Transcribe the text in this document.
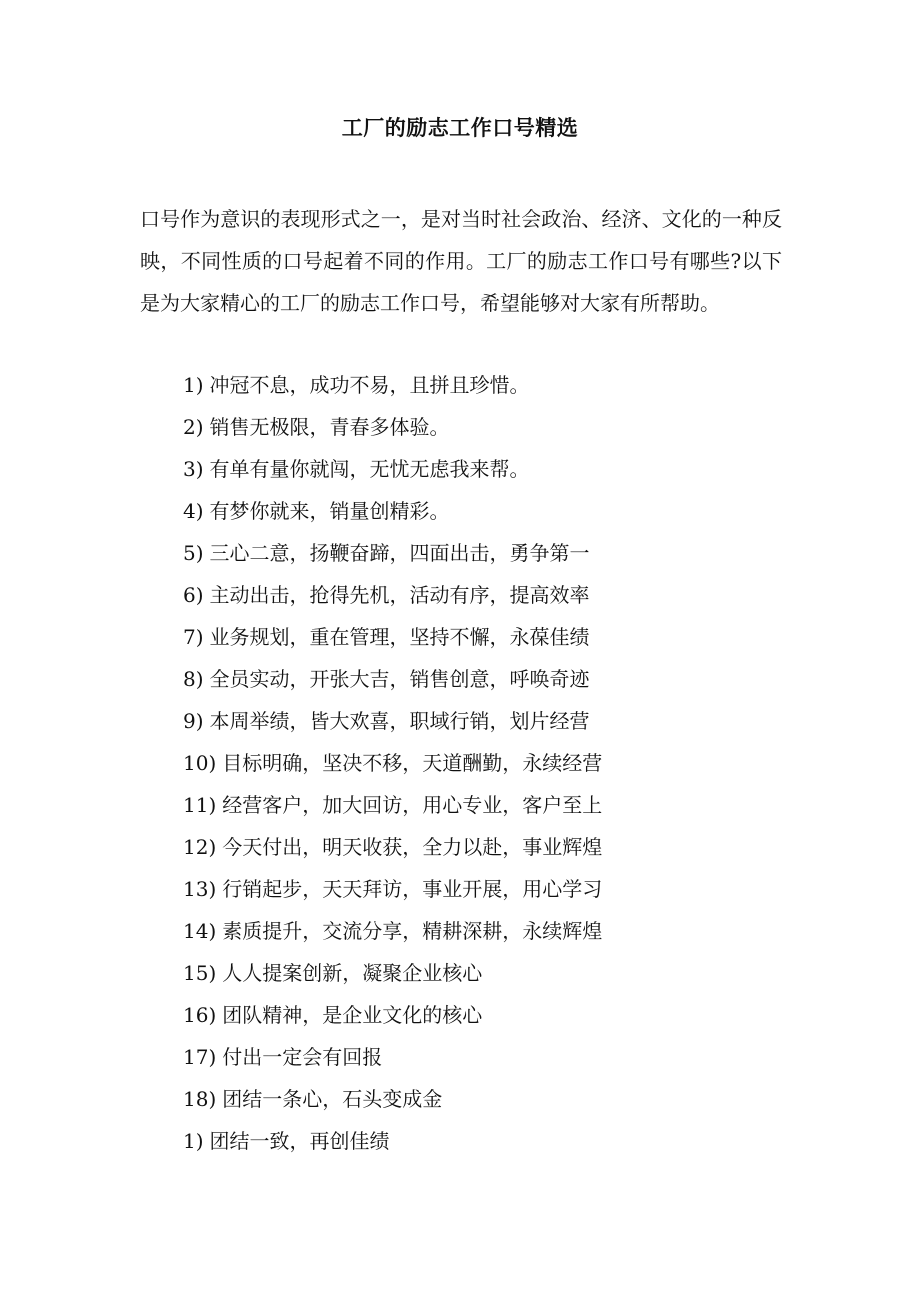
工厂的励志工作口号精选

口号作为意识的表现形式之一，是对当时社会政治、经济、文化的一种反映，不同性质的口号起着不同的作用。工厂的励志工作口号有哪些?以下是为大家精心的工厂的励志工作口号，希望能够对大家有所帮助。

1) 冲冠不息，成功不易，且拼且珍惜。
2) 销售无极限，青春多体验。
3) 有单有量你就闯，无忧无虑我来帮。
4) 有梦你就来，销量创精彩。
5) 三心二意，扬鞭奋蹄，四面出击，勇争第一
6) 主动出击，抢得先机，活动有序，提高效率
7) 业务规划，重在管理，坚持不懈，永葆佳绩
8) 全员实动，开张大吉，销售创意，呼唤奇迹
9) 本周举绩，皆大欢喜，职域行销，划片经营
10) 目标明确，坚决不移，天道酬勤，永续经营
11) 经营客户，加大回访，用心专业，客户至上
12) 今天付出，明天收获，全力以赴，事业辉煌
13) 行销起步，天天拜访，事业开展，用心学习
14) 素质提升，交流分享，精耕深耕，永续辉煌
15) 人人提案创新，凝聚企业核心
16) 团队精神，是企业文化的核心
17) 付出一定会有回报
18) 团结一条心，石头变成金
1) 团结一致，再创佳绩
